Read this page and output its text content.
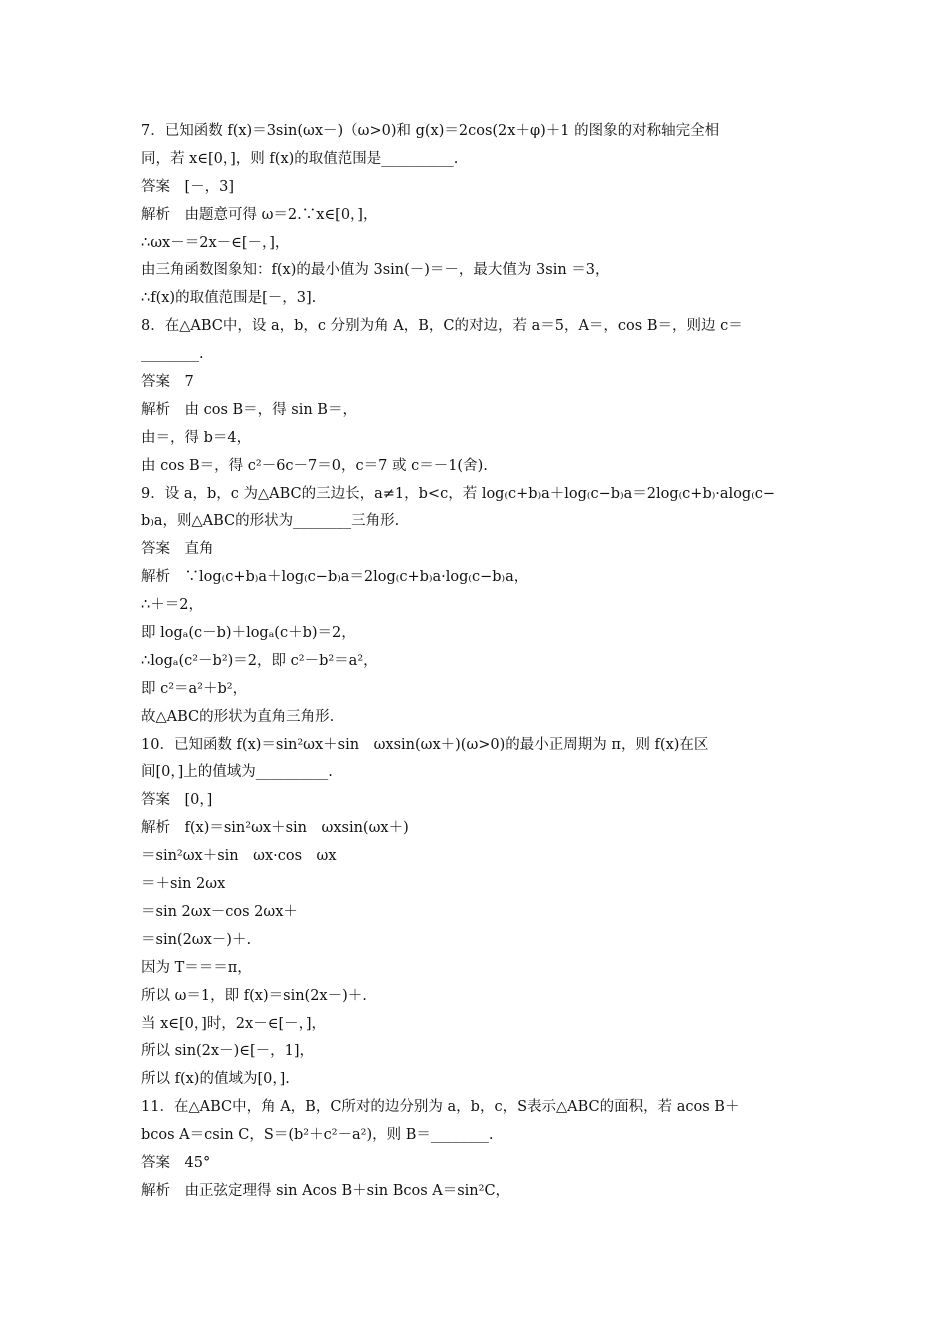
7．已知函数 f(x)＝3sin(ωx－)（ω>0)和 g(x)＝2cos(2x＋φ)＋1 的图象的对称轴完全相
同，若 x∈[0，]，则 f(x)的取值范围是__________.
答案　[－，3]
解析　由题意可得 ω＝2.∵x∈[0，]，
∴ωx－＝2x－∈[－，]，
由三角函数图象知：f(x)的最小值为 3sin(－)＝－，最大值为 3sin ＝3，
∴f(x)的取值范围是[－，3].
8．在△ABC中，设 a，b，c 分别为角 A，B，C的对边，若 a＝5，A＝，cos B＝，则边 c＝
________.
答案　7
解析　由 cos B＝，得 sin B＝，
由＝，得 b＝4，
由 cos B＝，得 c²－6c－7＝0，c＝7 或 c＝－1(舍).
9．设 a，b，c 为△ABC的三边长，a≠1，b<c，若 log₍c+b₎a＋log₍c−b₎a＝2log₍c+b₎·alog₍c−
b₎a，则△ABC的形状为________三角形.
答案　直角
解析　∵log₍c+b₎a＋log₍c−b₎a＝2log₍c+b₎a·log₍c−b₎a，
∴＋＝2，
即 logₐ(c－b)＋logₐ(c＋b)＝2，
∴logₐ(c²－b²)＝2，即 c²－b²＝a²，
即 c²＝a²＋b²，
故△ABC的形状为直角三角形.
10．已知函数 f(x)＝sin²ωx＋sin　ωxsin(ωx＋)(ω>0)的最小正周期为 π，则 f(x)在区
间[0，]上的值域为__________.
答案　[0，]
解析　f(x)＝sin²ωx＋sin　ωxsin(ωx＋)
＝sin²ωx＋sin　ωx·cos　ωx
＝＋sin 2ωx
＝sin 2ωx－cos 2ωx＋
＝sin(2ωx－)＋.
因为 T＝＝＝π，
所以 ω＝1，即 f(x)＝sin(2x－)＋.
当 x∈[0，]时，2x－∈[－，]，
所以 sin(2x－)∈[－，1]，
所以 f(x)的值域为[0，].
11．在△ABC中，角 A，B，C所对的边分别为 a，b，c，S表示△ABC的面积，若 acos B＋
bcos A＝csin C，S＝(b²＋c²－a²)，则 B＝________.
答案　45°
解析　由正弦定理得 sin Acos B＋sin Bcos A＝sin²C，
